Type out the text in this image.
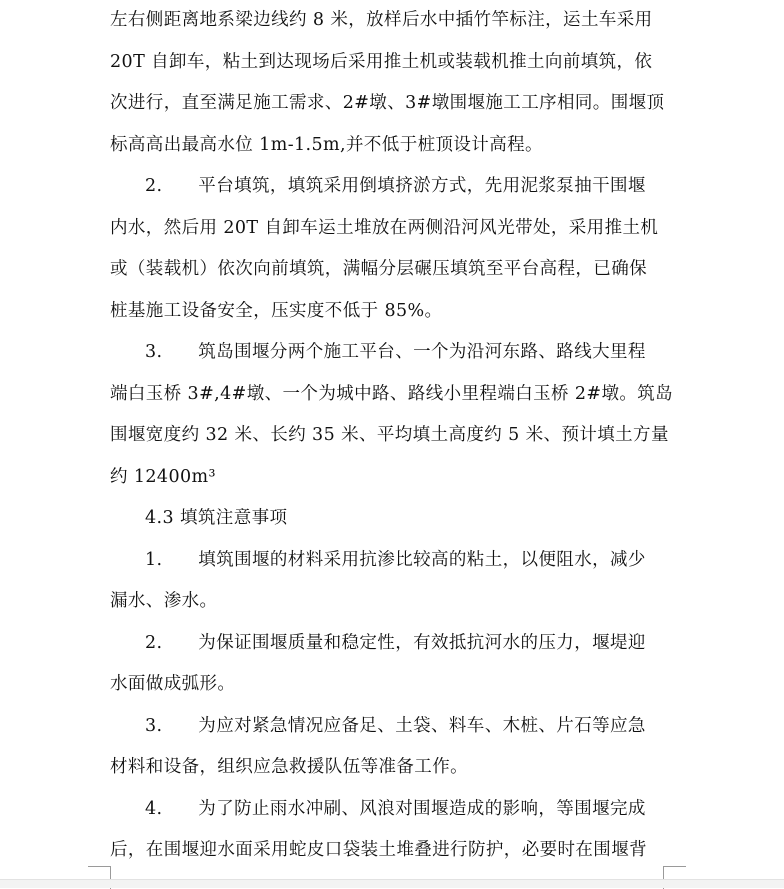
左右侧距离地系梁边线约 8 米，放样后水中插竹竿标注，运土车采用
20T 自卸车，粘土到达现场后采用推土机或装载机推土向前填筑，依
次进行，直至满足施工需求、2#墩、3#墩围堰施工工序相同。围堰顶
标高高出最高水位 1m-1.5m,并不低于桩顶设计高程。
2.　　平台填筑，填筑采用倒填挤淤方式，先用泥浆泵抽干围堰
内水，然后用 20T 自卸车运土堆放在两侧沿河风光带处，采用推土机
或（装载机）依次向前填筑，满幅分层碾压填筑至平台高程，已确保
桩基施工设备安全，压实度不低于 85%。
3.　　筑岛围堰分两个施工平台、一个为沿河东路、路线大里程
端白玉桥 3#,4#墩、一个为城中路、路线小里程端白玉桥 2#墩。筑岛
围堰宽度约 32 米、长约 35 米、平均填土高度约 5 米、预计填土方量
约 12400m³
4.3 填筑注意事项
1.　　填筑围堰的材料采用抗渗比较高的粘土，以便阻水，减少
漏水、渗水。
2.　　为保证围堰质量和稳定性，有效抵抗河水的压力，堰堤迎
水面做成弧形。
3.　　为应对紧急情况应备足、土袋、料车、木桩、片石等应急
材料和设备，组织应急救援队伍等准备工作。
4.　　为了防止雨水冲刷、风浪对围堰造成的影响，等围堰完成
后，在围堰迎水面采用蛇皮口袋装土堆叠进行防护，必要时在围堰背
